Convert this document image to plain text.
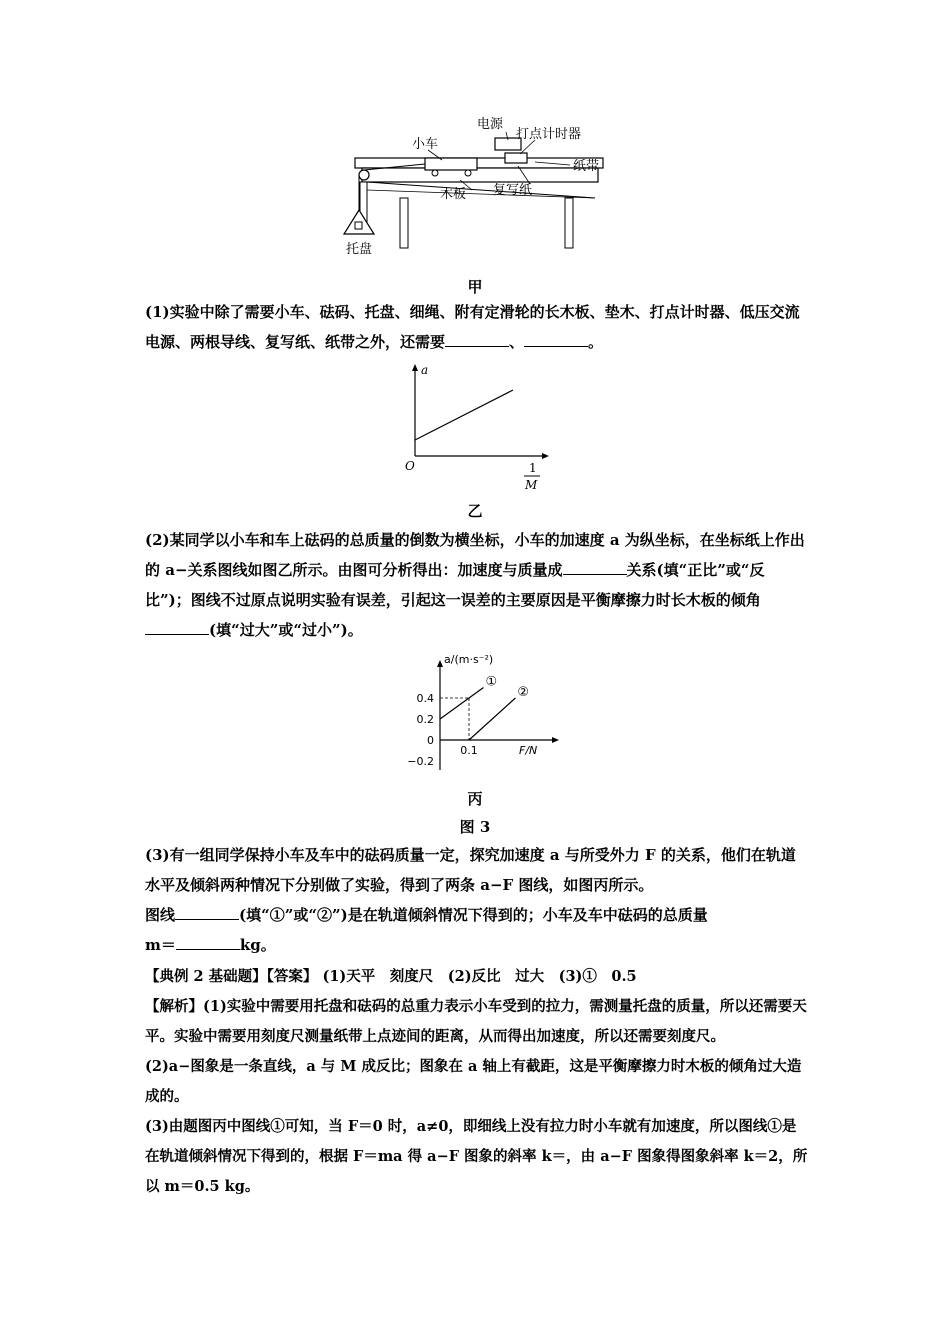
电源
打点计时器
小车
纸带
木板 复写纸
托盘
甲

(1)实验中除了需要小车、砝码、托盘、细绳、附有定滑轮的长木板、垫木、打点计时器、低压交流电源、两根导线、复写纸、纸带之外，还需要	、	。

a
O	1
M
乙

(2)某同学以小车和车上砝码的总质量的倒数为横坐标，小车的加速度 a 为纵坐标，在坐标纸上作出的 a−关系图线如图乙所示。由图可分析得出：加速度与质量成	关系(填“正比”或“反比”)；图线不过原点说明实验有误差，引起这一误差的主要原因是平衡摩擦力时长木板的倾角(填“过大”或“过小”)。

a/(m·s⁻²)
F/N
0.4
0.2
0
−0.2
0.1
①
②
丙
图 3

(3)有一组同学保持小车及车中的砝码质量一定，探究加速度 a 与所受外力 F 的关系，他们在轨道水平及倾斜两种情况下分别做了实验，得到了两条 a−F 图线，如图丙所示。

图线	(填“①”或“②”)是在轨道倾斜情况下得到的；小车及车中砝码的总质量

m＝	kg。

【典例 2 基础题】【答案】 (1)天平　刻度尺　(2)反比　过大　(3)①　0.5

【解析】(1)实验中需要用托盘和砝码的总重力表示小车受到的拉力，需测量托盘的质量，所以还需要天平。实验中需要用刻度尺测量纸带上点迹间的距离，从而得出加速度，所以还需要刻度尺。

(2)a−图象是一条直线，a 与 M 成反比；图象在 a 轴上有截距，这是平衡摩擦力时木板的倾角过大造成的。

(3)由题图丙中图线①可知，当 F＝0 时，a≠0，即细线上没有拉力时小车就有加速度，所以图线①是在轨道倾斜情况下得到的，根据 F＝ma 得 a−F 图象的斜率 k＝，由 a−F 图象得图象斜率 k＝2，所以 m＝0.5 kg。
